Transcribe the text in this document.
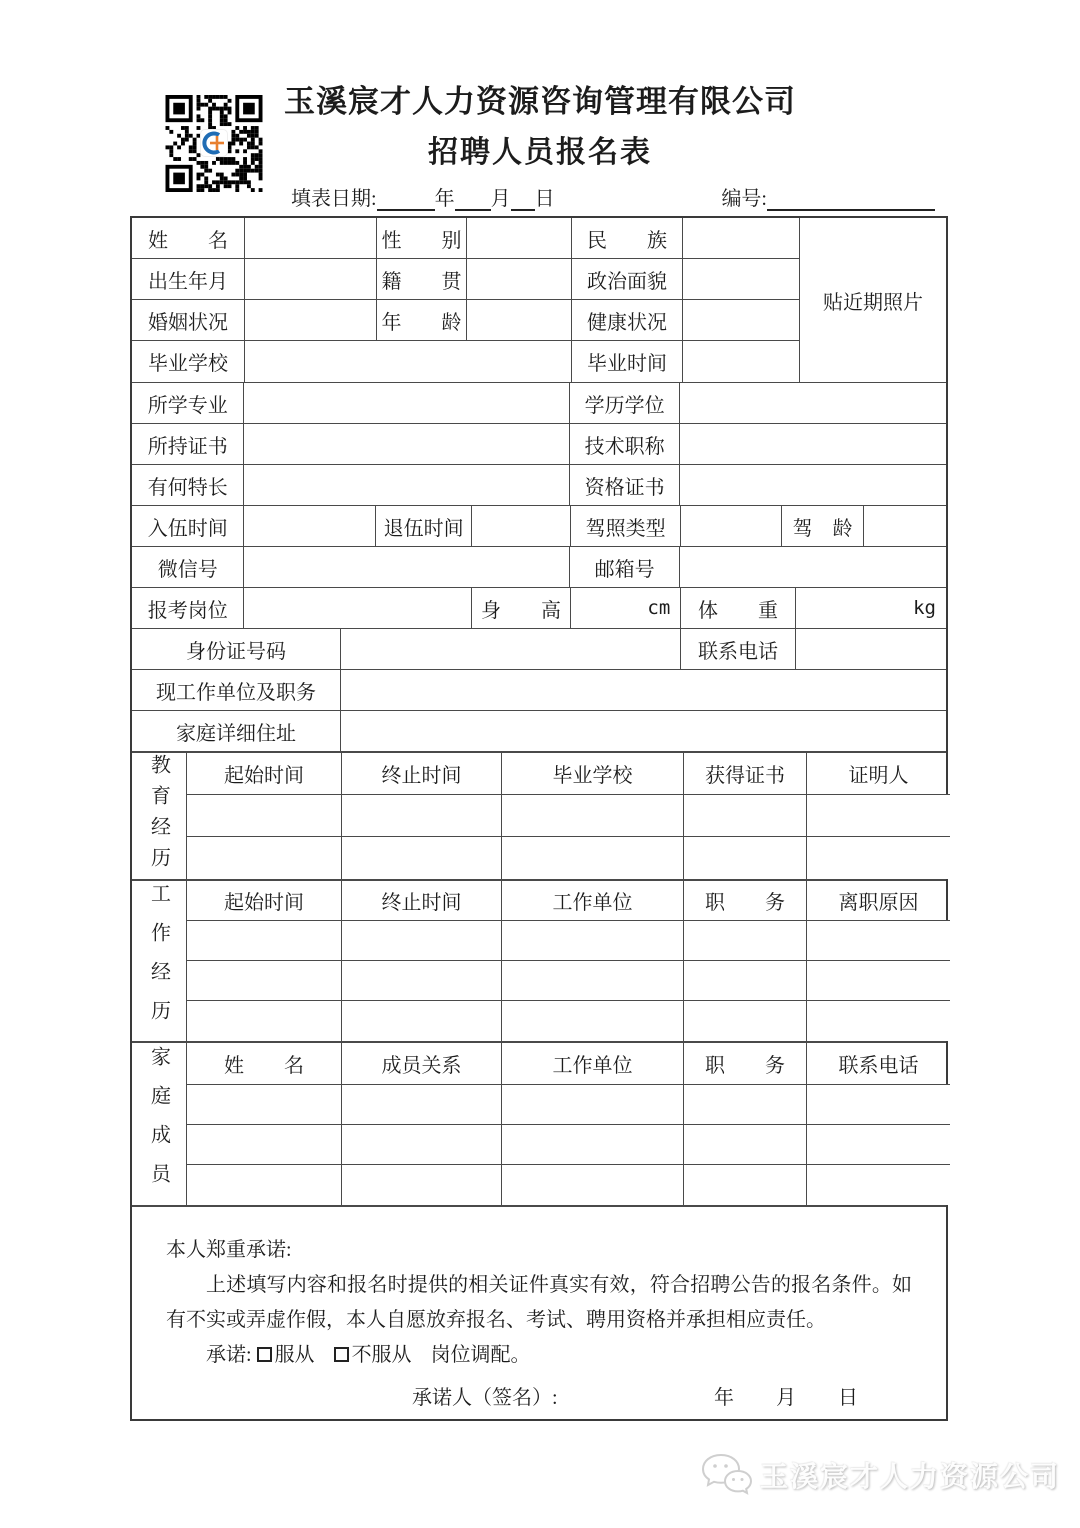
玉溪宸才人力资源咨询管理有限公司
招聘人员报名表
填表日期:	年 月 日	编号:
姓　　名	性　　别	民　　族
出生年月	籍　　贯	政治面貌
婚姻状况	年　　龄	健康状况
毕业学校	毕业时间
贴近期照片
所学专业	学历学位
所持证书	技术职称
有何特长	资格证书
入伍时间	退伍时间	驾照类型	驾　龄
微信号	邮箱号
报考岗位	身　　高	cm	体　　重	kg
身份证号码	联系电话
现工作单位及职务
家庭详细住址
教育经历	起始时间	终止时间	毕业学校	获得证书	证明人
工作经历	起始时间	终止时间	工作单位	职　　务	离职原因
家庭成员	姓　　名	成员关系	工作单位	职　　务	联系电话
本人郑重承诺:
上述填写内容和报名时提供的相关证件真实有效，符合招聘公告的报名条件。如有不实或弄虚作假，本人自愿放弃报名、考试、聘用资格并承担相应责任。
承诺: 服从 不服从 岗位调配。
承诺人（签名）:	年 月 日
玉溪宸才人力资源公司
